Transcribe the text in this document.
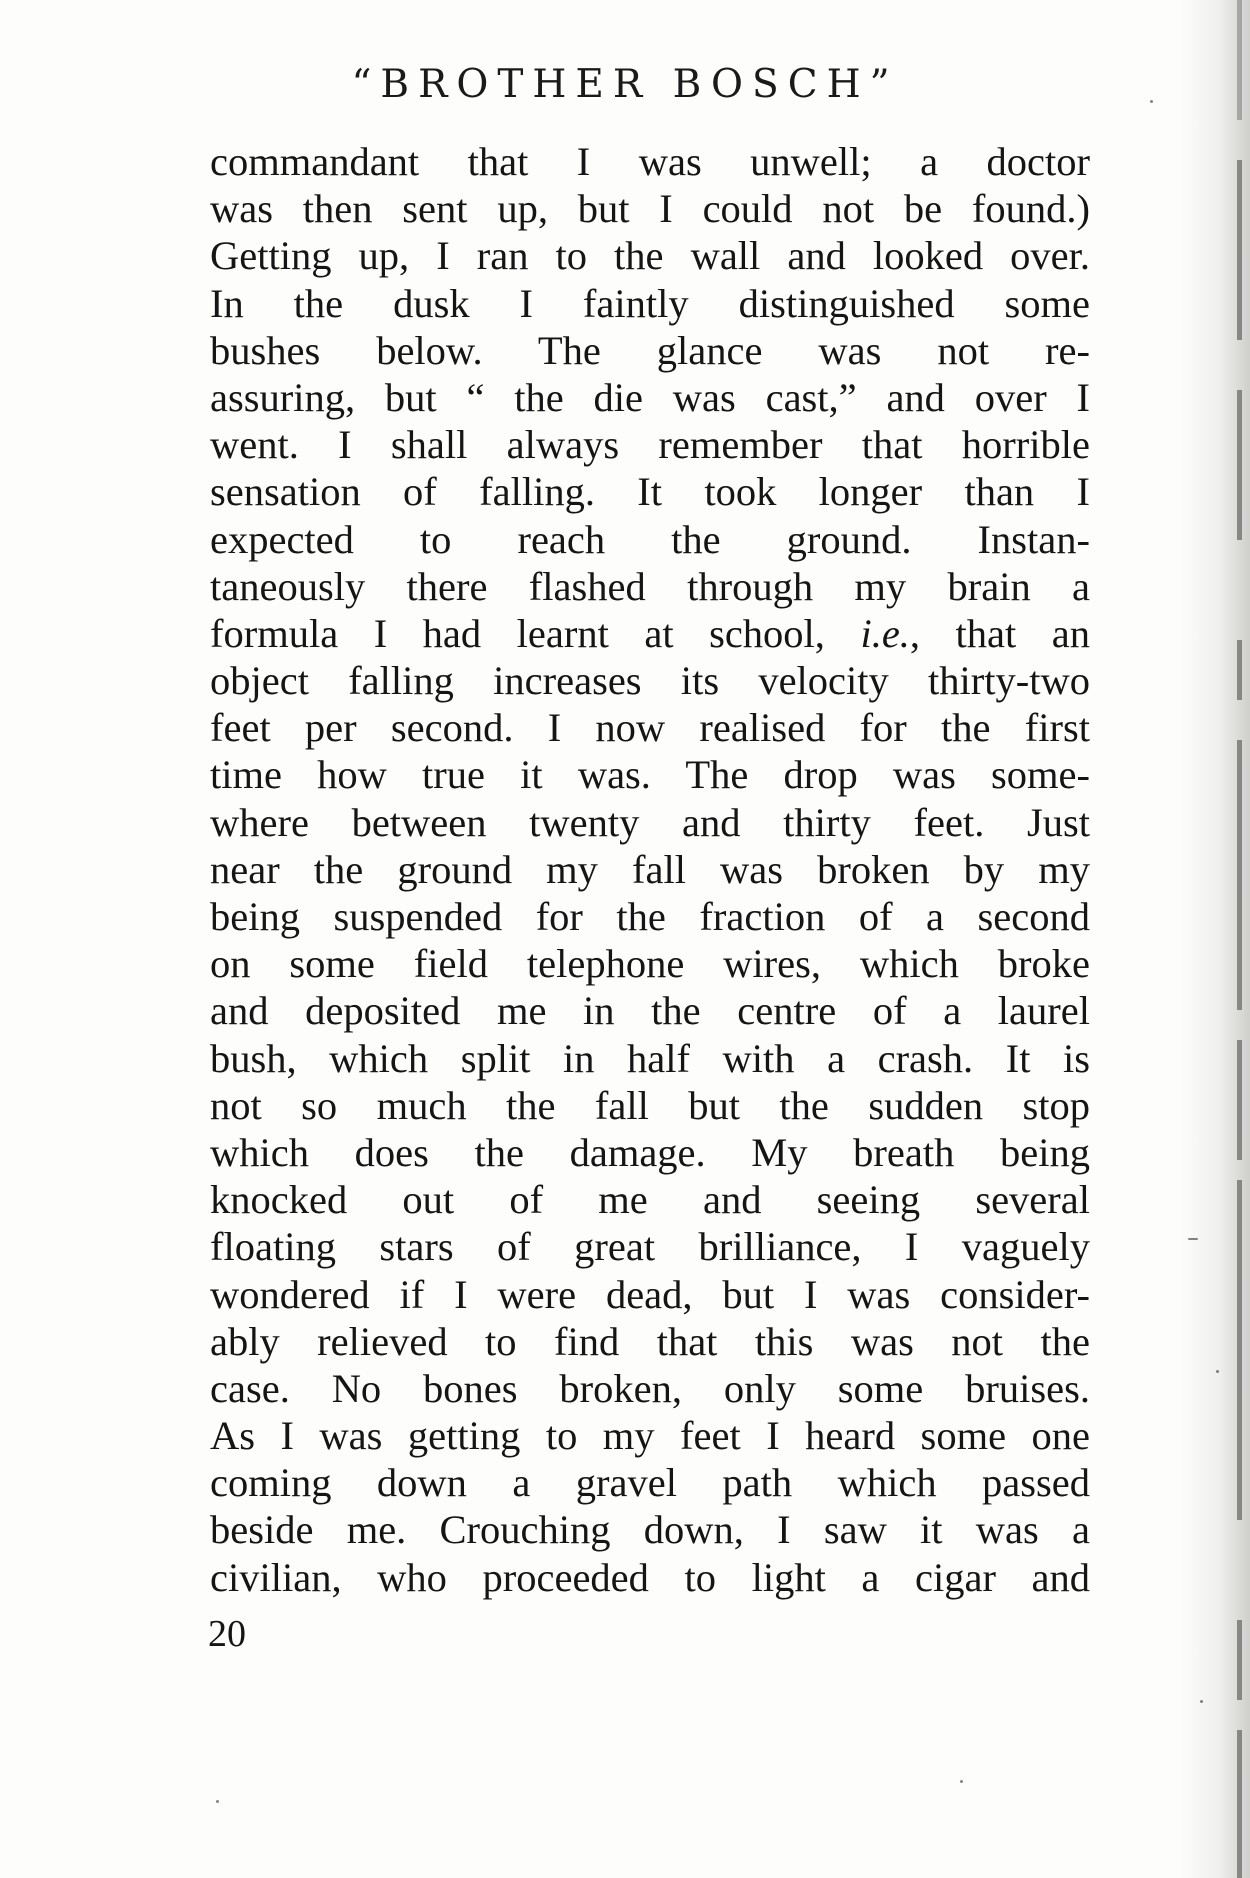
“BROTHER BOSCH”
commandant that I was unwell; a doctor
was then sent up, but I could not be found.)
Getting up, I ran to the wall and looked over.
In the dusk I faintly distinguished some
bushes below. The glance was not re-
assuring, but “ the die was cast,” and over I
went. I shall always remember that horrible
sensation of falling. It took longer than I
expected to reach the ground. Instan-
taneously there flashed through my brain a
formula I had learnt at school, i.e., that an
object falling increases its velocity thirty-two
feet per second. I now realised for the first
time how true it was. The drop was some-
where between twenty and thirty feet. Just
near the ground my fall was broken by my
being suspended for the fraction of a second
on some field telephone wires, which broke
and deposited me in the centre of a laurel
bush, which split in half with a crash. It is
not so much the fall but the sudden stop
which does the damage. My breath being
knocked out of me and seeing several
floating stars of great brilliance, I vaguely
wondered if I were dead, but I was consider-
ably relieved to find that this was not the
case. No bones broken, only some bruises.
As I was getting to my feet I heard some one
coming down a gravel path which passed
beside me. Crouching down, I saw it was a
civilian, who proceeded to light a cigar and
20
